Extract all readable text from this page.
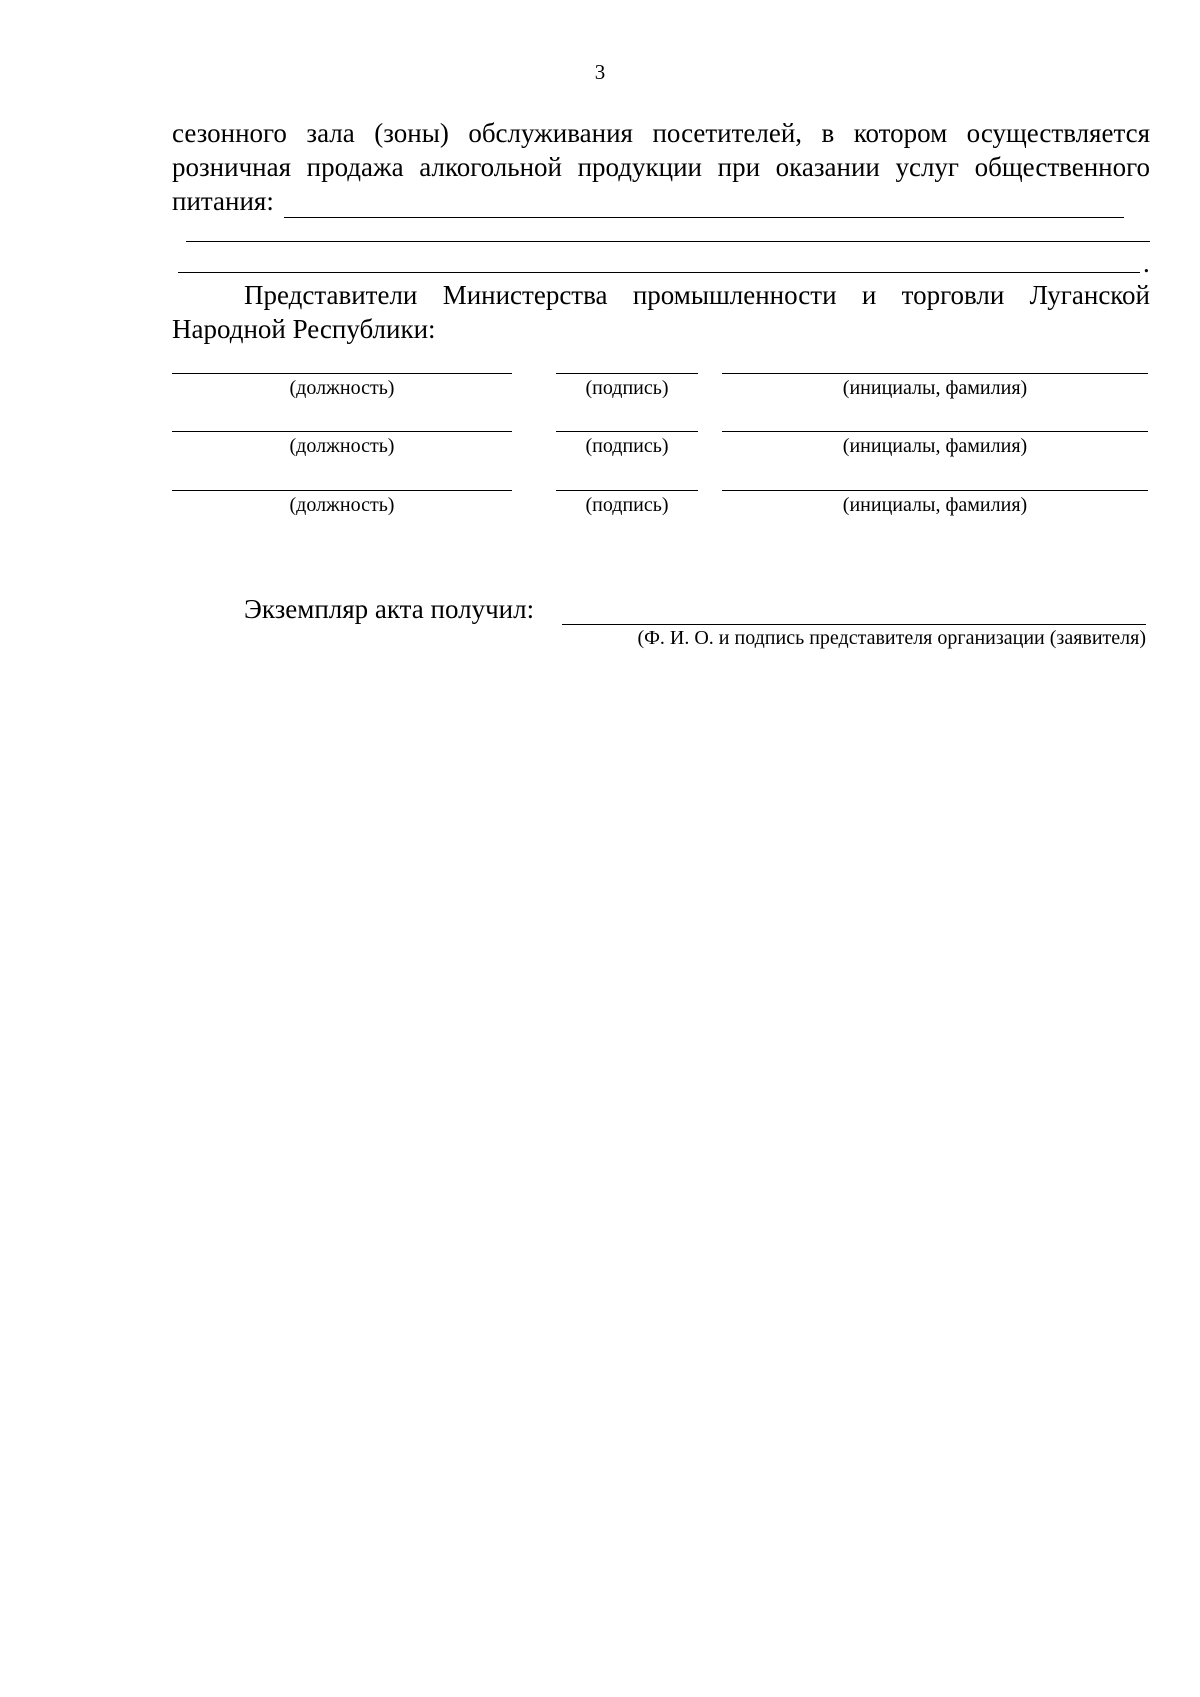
3
сезонного зала (зоны) обслуживания посетителей, в котором осуществляется
розничная продажа алкогольной продукции при оказании услуг общественного
питания:
.
Представители Министерства промышленности и торговли Луганской
Народной Республики:
(должность)	(подпись)	(инициалы, фамилия)
(должность)	(подпись)	(инициалы, фамилия)
(должность)	(подпись)	(инициалы, фамилия)
Экземпляр акта получил:
(Ф. И. О. и подпись представителя организации (заявителя)
